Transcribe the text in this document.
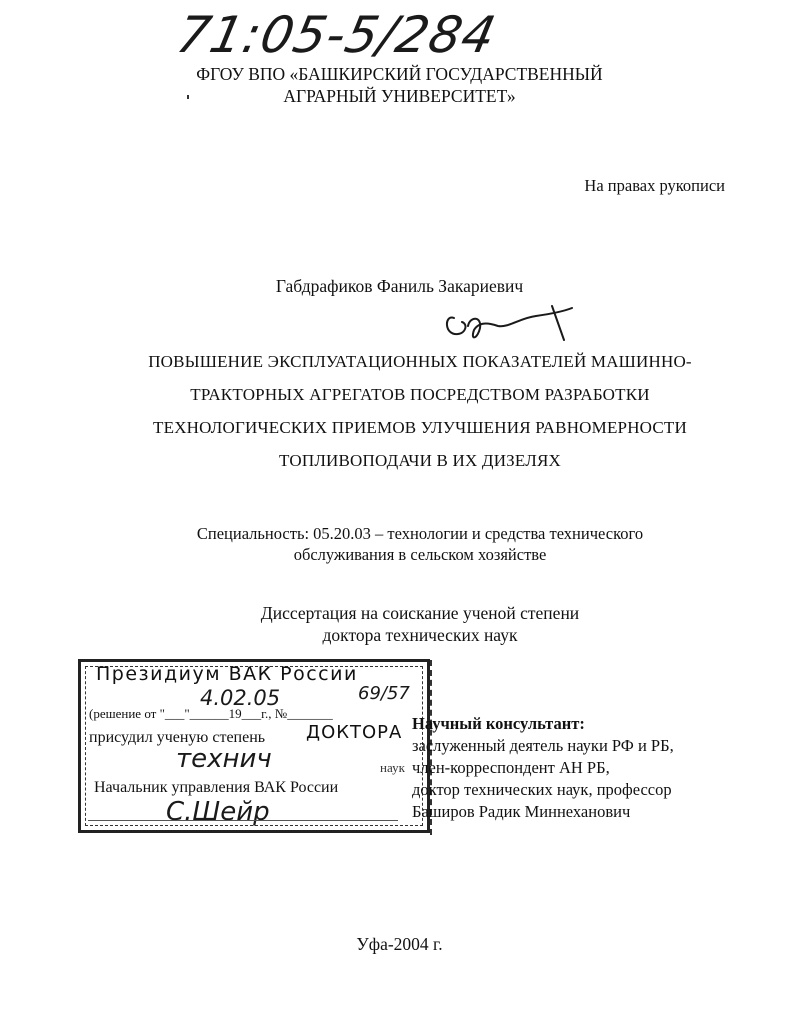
71:05-5/284
ФГОУ ВПО «БАШКИРСКИЙ ГОСУДАРСТВЕННЫЙ
АГРАРНЫЙ УНИВЕРСИТЕТ»
На правах рукописи
Габдрафиков Фаниль Закариевич
ПОВЫШЕНИЕ ЭКСПЛУАТАЦИОННЫХ ПОКАЗАТЕЛЕЙ МАШИННО-
ТРАКТОРНЫХ АГРЕГАТОВ ПОСРЕДСТВОМ РАЗРАБОТКИ
ТЕХНОЛОГИЧЕСКИХ ПРИЕМОВ УЛУЧШЕНИЯ РАВНОМЕРНОСТИ
ТОПЛИВОПОДАЧИ В ИХ ДИЗЕЛЯХ
Специальность: 05.20.03 – технологии и средства технического
обслуживания в сельском хозяйстве
Диссертация на соискание ученой степени
доктора технических наук
Президиум ВАК России
(решение от "___"______19___г., №_______
4.02.05	69/57
присудил ученую степень ДОКТОРА
технич	наук
Начальник управления ВАК России
С.Шейр
Научный консультант:
заслуженный деятель науки РФ и РБ,
член-корреспондент АН РБ,
доктор технических наук, профессор
Баширов Радик Миннеханович
Уфа-2004 г.
